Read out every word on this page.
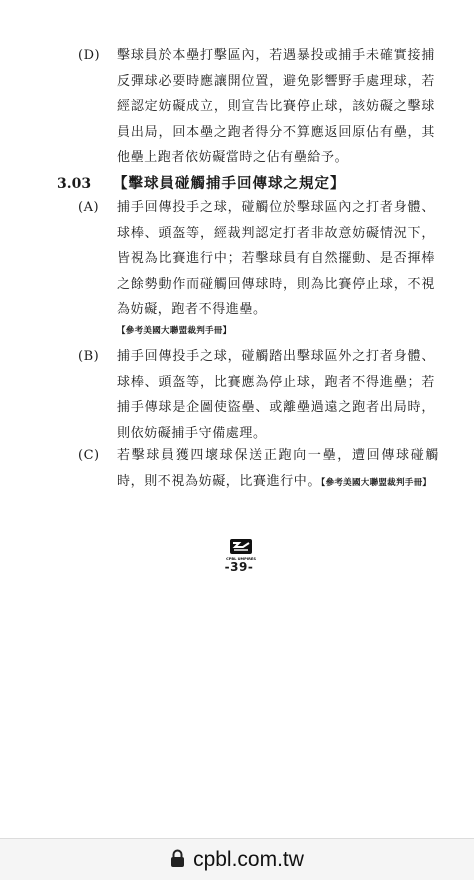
(D) 擊球員於本壘打擊區內，若遇暴投或捕手未確實接捕反彈球必要時應讓開位置，避免影響野手處理球，若經認定妨礙成立，則宣告比賽停止球，該妨礙之擊球員出局，回本壘之跑者得分不算應返回原佔有壘，其他壘上跑者依妨礙當時之佔有壘給予。
3.03 【擊球員碰觸捕手回傳球之規定】
(A) 捕手回傳投手之球，碰觸位於擊球區內之打者身體、球棒、頭盔等，經裁判認定打者非故意妨礙情況下，皆視為比賽進行中；若擊球員有自然擺動、是否揮棒之餘勢動作而碰觸回傳球時，則為比賽停止球，不視為妨礙，跑者不得進壘。
【參考美國大聯盟裁判手冊】
(B) 捕手回傳投手之球，碰觸踏出擊球區外之打者身體、球棒、頭盔等，比賽應為停止球，跑者不得進壘；若捕手傳球是企圖使盜壘、或離壘過遠之跑者出局時，則依妨礙捕手守備處理。
(C) 若擊球員獲四壞球保送正跑向一壘，遭回傳球碰觸時，則不視為妨礙，比賽進行中。【參考美國大聯盟裁判手冊】
CPBL UMPIRES
-39-
cpbl.com.tw
